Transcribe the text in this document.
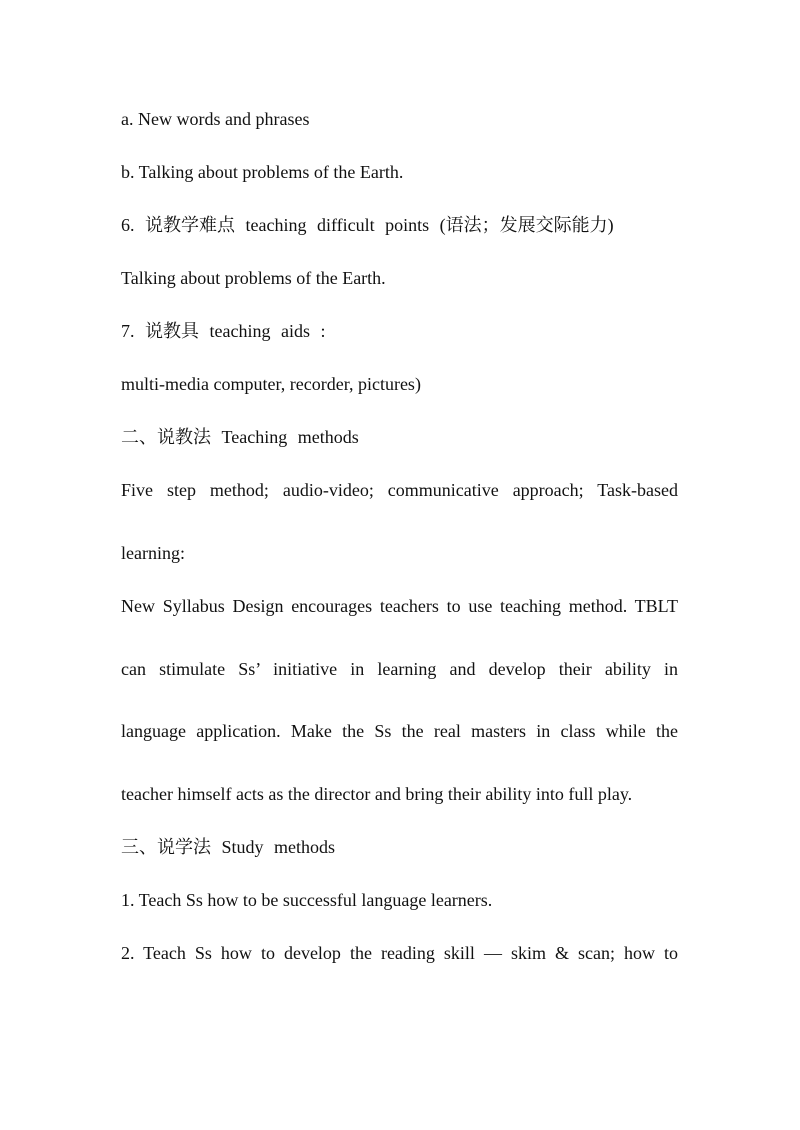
a. New words and phrases
b. Talking about problems of the Earth.
6. 说教学难点 teaching difficult points (语法；发展交际能力)
Talking about problems of the Earth.
7. 说教具 teaching aids :
multi-media computer, recorder, pictures)
二、说教法 Teaching methods
Five step method; audio-video; communicative approach; Task-based
learning:
New Syllabus Design encourages teachers to use teaching method. TBLT
can stimulate Ss’ initiative in learning and develop their ability in
language application. Make the Ss the real masters in class while the
teacher himself acts as the director and bring their ability into full play.
三、说学法 Study methods
1. Teach Ss how to be successful language learners.
2. Teach Ss how to develop the reading skill — skim & scan; how to
